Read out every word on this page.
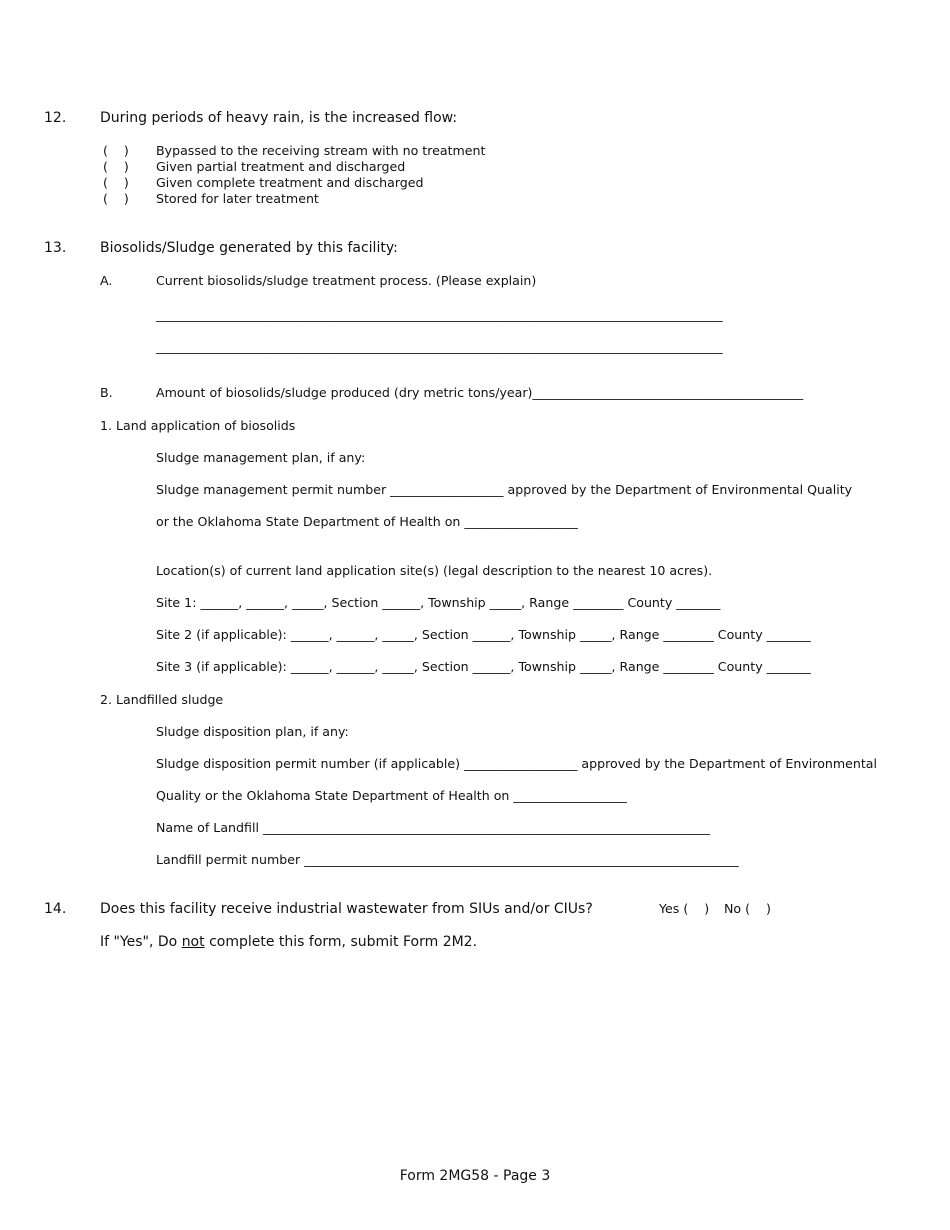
12. During periods of heavy rain, is the increased flow:
(    ) Bypassed to the receiving stream with no treatment
(    ) Given partial treatment and discharged
(    ) Given complete treatment and discharged
(    ) Stored for later treatment
13. Biosolids/Sludge generated by this facility:
A.	Current biosolids/sludge treatment process. (Please explain)
__________________________________________________________________________________________
__________________________________________________________________________________________
B.	Amount of biosolids/sludge produced (dry metric tons/year)___________________________________________
1. Land application of biosolids
Sludge management plan, if any:
Sludge management permit number __________________ approved by the Department of Environmental Quality
or the Oklahoma State Department of Health on __________________
Location(s) of current land application site(s) (legal description to the nearest 10 acres).
Site 1: ______, ______, _____, Section ______, Township _____, Range ________ County _______
Site 2 (if applicable): ______, ______, _____, Section ______, Township _____, Range ________ County _______
Site 3 (if applicable): ______, ______, _____, Section ______, Township _____, Range ________ County _______
2. Landfilled sludge
Sludge disposition plan, if any:
Sludge disposition permit number (if applicable) __________________ approved by the Department of Environmental
Quality or the Oklahoma State Department of Health on __________________
Name of Landfill _______________________________________________________________________
Landfill permit number _____________________________________________________________________
14. Does this facility receive industrial wastewater from SIUs and/or CIUs?	Yes (    ) No (    )
If "Yes", Do not complete this form, submit Form 2M2.
Form 2MG58 - Page 3
